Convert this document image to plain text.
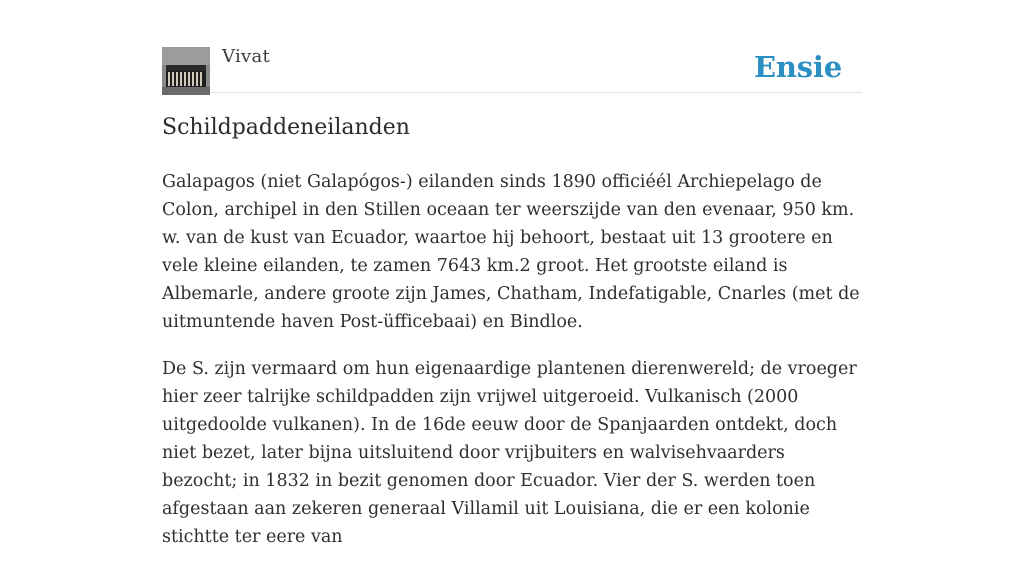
Vivat	Ensie
Schildpaddeneilanden

Galapagos (niet Galapógos-) eilanden sinds 1890 officiéél Archiepelago de Colon, archipel in den Stillen oceaan ter weerszijde van den evenaar, 950 km. w. van de kust van Ecuador, waartoe hij behoort, bestaat uit 13 grootere en vele kleine eilanden, te zamen 7643 km.2 groot. Het grootste eiland is Albemarle, andere groote zijn James, Chatham, Indefatigable, Cnarles (met de uitmuntende haven Post-üfficebaai) en Bindloe.

De S. zijn vermaard om hun eigenaardige plantenen dierenwereld; de vroeger hier zeer talrijke schildpadden zijn vrijwel uitgeroeid. Vulkanisch (2000 uitgedoolde vulkanen). In de 16de eeuw door de Spanjaarden ontdekt, doch niet bezet, later bijna uitsluitend door vrijbuiters en walvisehvaarders bezocht; in 1832 in bezit genomen door Ecuador. Vier der S. werden toen afgestaan aan zekeren generaal Villamil uit Louisiana, die er een kolonie stichtte ter eere van
